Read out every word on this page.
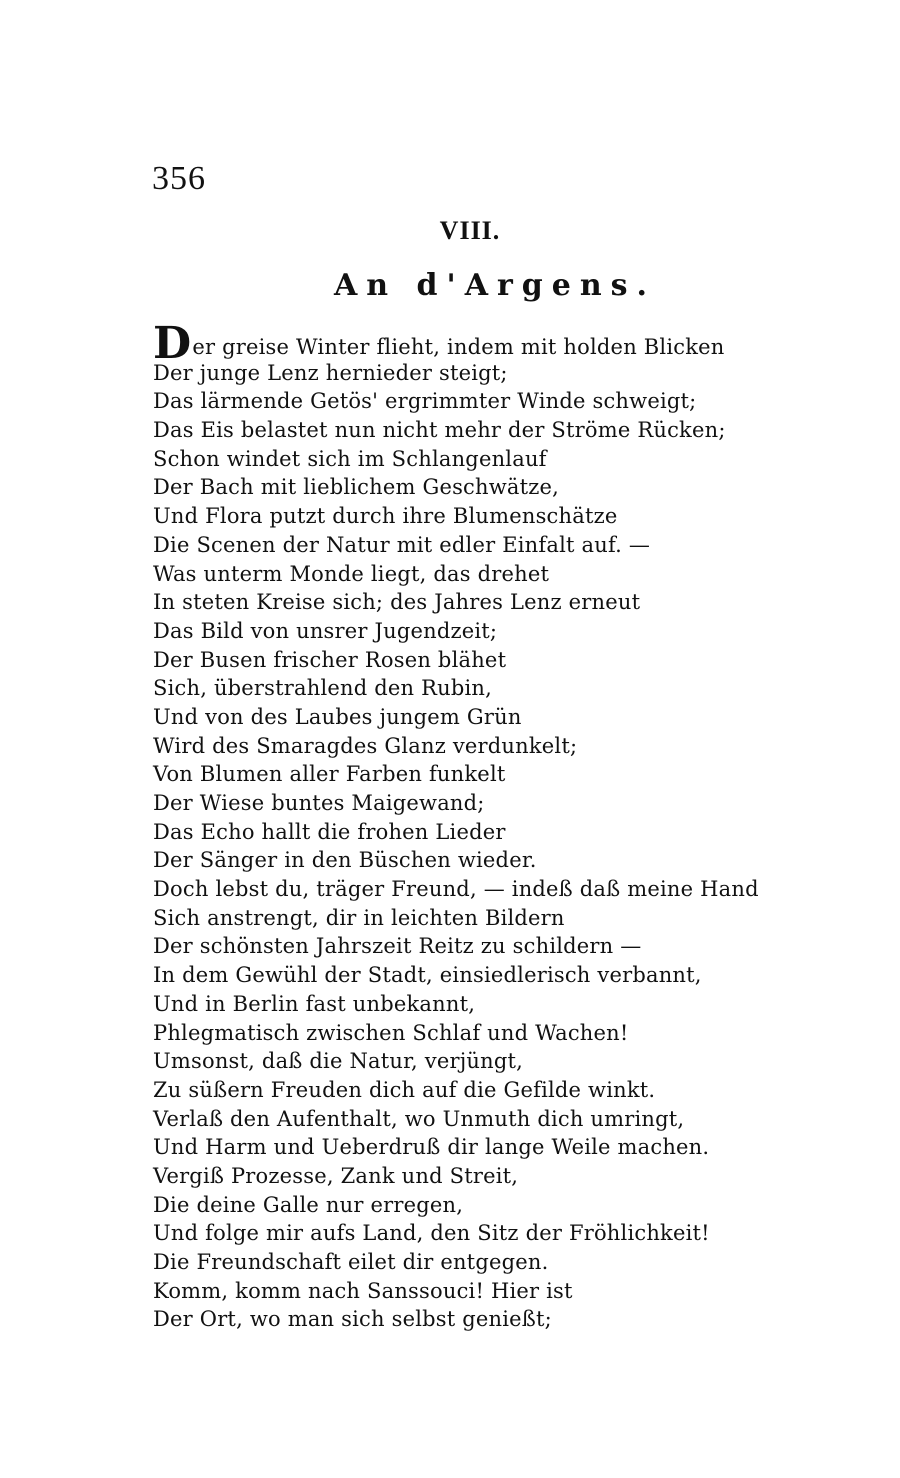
356
VIII.
An d'Argens.
Der greise Winter flieht, indem mit holden Blicken
Der junge Lenz hernieder steigt;
Das lärmende Getös' ergrimmter Winde schweigt;
Das Eis belastet nun nicht mehr der Ströme Rücken;
Schon windet sich im Schlangenlauf
Der Bach mit lieblichem Geschwätze,
Und Flora putzt durch ihre Blumenschätze
Die Scenen der Natur mit edler Einfalt auf. —
Was unterm Monde liegt, das drehet
In steten Kreise sich; des Jahres Lenz erneut
Das Bild von unsrer Jugendzeit;
Der Busen frischer Rosen blähet
Sich, überstrahlend den Rubin,
Und von des Laubes jungem Grün
Wird des Smaragdes Glanz verdunkelt;
Von Blumen aller Farben funkelt
Der Wiese buntes Maigewand;
Das Echo hallt die frohen Lieder
Der Sänger in den Büschen wieder.
Doch lebst du, träger Freund, — indeß daß meine Hand
Sich anstrengt, dir in leichten Bildern
Der schönsten Jahrszeit Reitz zu schildern —
In dem Gewühl der Stadt, einsiedlerisch verbannt,
Und in Berlin fast unbekannt,
Phlegmatisch zwischen Schlaf und Wachen!
Umsonst, daß die Natur, verjüngt,
Zu süßern Freuden dich auf die Gefilde winkt.
Verlaß den Aufenthalt, wo Unmuth dich umringt,
Und Harm und Ueberdruß dir lange Weile machen.
Vergiß Prozesse, Zank und Streit,
Die deine Galle nur erregen,
Und folge mir aufs Land, den Sitz der Fröhlichkeit!
Die Freundschaft eilet dir entgegen.
Komm, komm nach Sanssouci! Hier ist
Der Ort, wo man sich selbst genießt;
